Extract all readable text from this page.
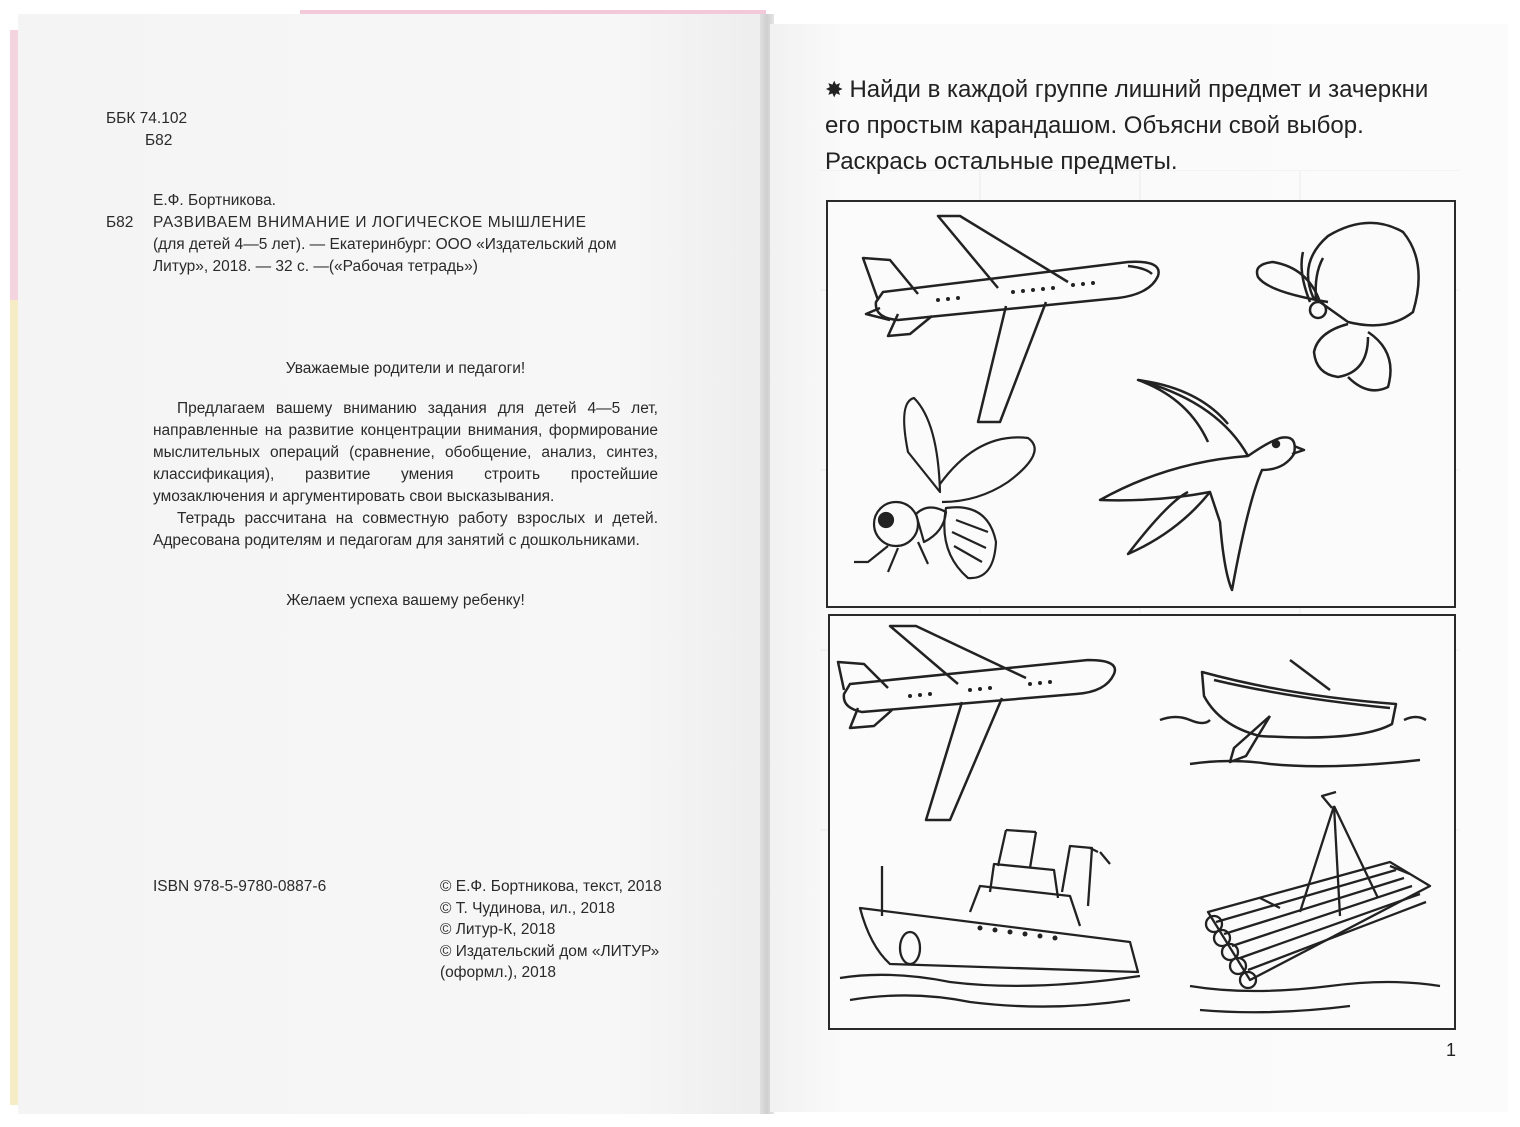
ББК 74.102
Б82
Е.Ф. Бортникова.
Б82 РАЗВИВАЕМ ВНИМАНИЕ И ЛОГИЧЕСКОЕ МЫШЛЕНИЕ
(для детей 4—5 лет). — Екатеринбург: ООО «Издательский дом
Литур», 2018. — 32 с. —(«Рабочая тетрадь»)
Уважаемые родители и педагоги!

Предлагаем вашему вниманию задания для детей 4—5 лет, направленные на развитие концентрации внимания, формирование мыслительных операций (сравнение, обобщение, анализ, синтез, классификация), развитие умения строить простейшие умозаключения и аргументировать свои высказывания.

Тетрадь рассчитана на совместную работу взрослых и детей. Адресована родителям и педагогам для занятий с дошкольниками.

Желаем успеха вашему ребенку!
ISBN 978-5-9780-0887-6	© Е.Ф. Бортникова, текст, 2018
© Т. Чудинова, ил., 2018
© Литур-К, 2018
© Издательский дом «ЛИТУР»
(оформл.), 2018
✸ Найди в каждой группе лишний предмет и зачеркни его простым карандашом. Объясни свой выбор. Раскрась остальные предметы.
1
